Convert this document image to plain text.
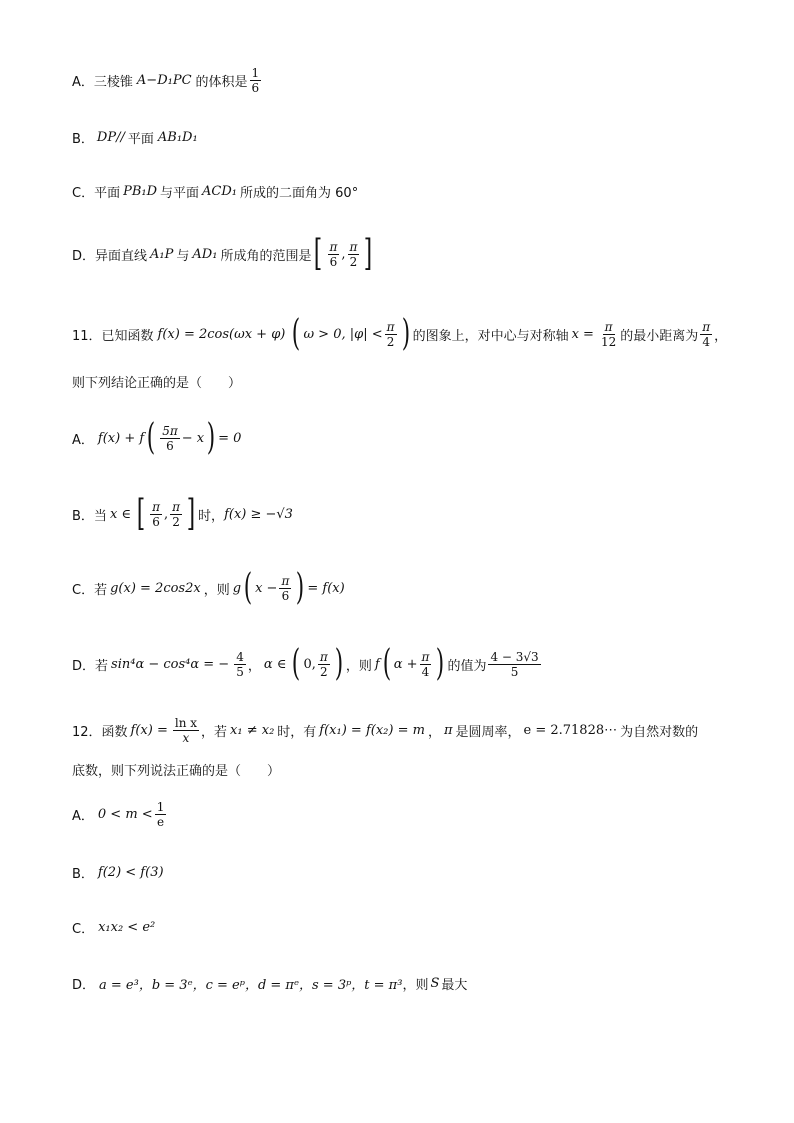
A． 三棱锥 A−D₁PC 的体积是 $\frac{1}{6}$
B． DP// 平面 AB₁D₁
C． 平面 PB₁D 与平面 ACD₁ 所成的二面角为 60°
D． 异面直线 A₁P 与 AD₁ 所成角的范围是 [ $\frac{\pi}{6}$ , $\frac{\pi}{2}$ ]
11．已知函数 f(x) = 2cos(ωx + φ) ( ω > 0, $|\varphi| < \frac{\pi}{2}$ ) 的图象上，对中心与对称轴 $x = \frac{\pi}{12}$ 的最小距离为 $\frac{\pi}{4}$ ，
则下列结论正确的是（　　）
A． f(x) + f ( $\frac{5\pi}{6} - x$ ) = 0
B． 当 x ∈ [ $\frac{\pi}{6}$ , $\frac{\pi}{2}$ ] 时， f(x) ≥ −√3
C． 若 g(x) = 2cos2x ，则 g ( $x - \frac{\pi}{6}$ ) = f(x)
D． 若 sin⁴α − cos⁴α = − $\frac{4}{5}$ ， α ∈ ( 0 , $\frac{\pi}{2}$ ) ，则 f ( $\alpha + \frac{\pi}{4}$ ) 的值为 $\frac{4 - 3√3}{5}$
12．函数 $f(x) = \frac{\text{ln x}}{x}$ ，若 x₁ ≠ x₂ 时，有 f(x₁) = f(x₂) = m ， π 是圆周率， e = 2.71828⋯ 为自然对数的
底数，则下列说法正确的是（　　）
A． $0 < m < \frac{1}{e}$
B． f(2) < f(3)
C． x₁x₂ < e²
D． a = e³，b = 3ᵉ，c = eᵖ，d = πᵉ，s = 3ᵖ，t = π³ ，则 S 最大
